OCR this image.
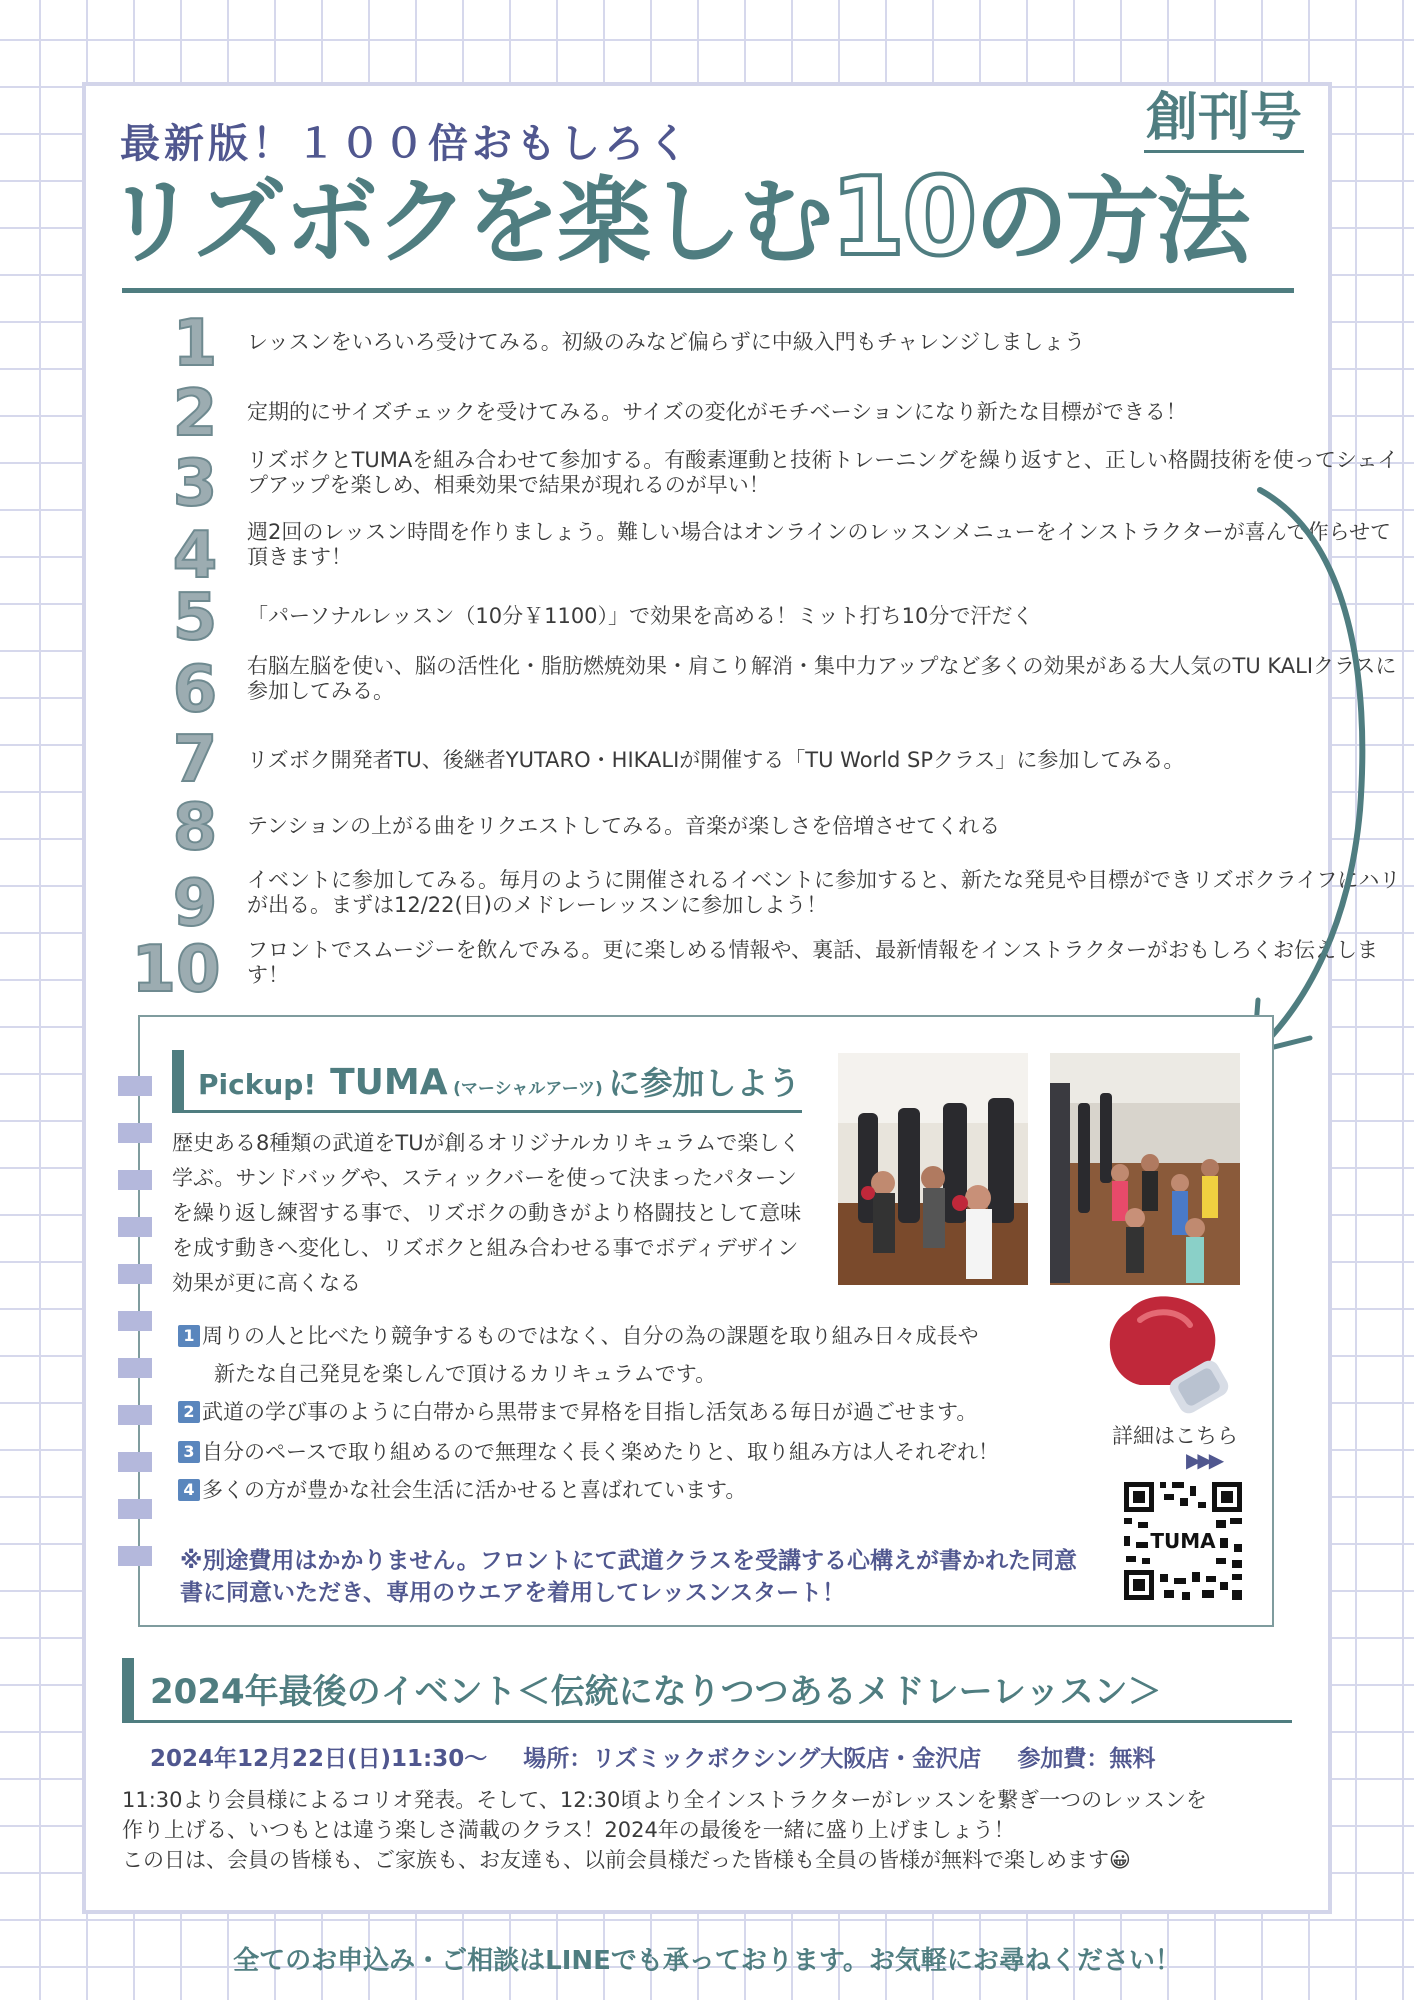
最新版！１００倍おもしろく	創刊号
リズボクを楽しむ10の方法
1	レッスンをいろいろ受けてみる。初級のみなど偏らずに中級入門もチャレンジしましょう
2	定期的にサイズチェックを受けてみる。サイズの変化がモチベーションになり新たな目標ができる！
3	リズボクとTUMAを組み合わせて参加する。有酸素運動と技術トレーニングを繰り返すと、正しい格闘技術を使ってシェイプアップを楽しめ、相乗効果で結果が現れるのが早い！
4	週2回のレッスン時間を作りましょう。難しい場合はオンラインのレッスンメニューをインストラクターが喜んで作らせて頂きます！
5	「パーソナルレッスン（10分￥1100）」で効果を高める！ミット打ち10分で汗だく
6	右脳左脳を使い、脳の活性化・脂肪燃焼効果・肩こり解消・集中力アップなど多くの効果がある大人気のTU KALIクラスに参加してみる。
7	リズボク開発者TU、後継者YUTARO・HIKALIが開催する「TU World SPクラス」に参加してみる。
8	テンションの上がる曲をリクエストしてみる。音楽が楽しさを倍増させてくれる
9	イベントに参加してみる。毎月のように開催されるイベントに参加すると、新たな発見や目標ができリズボクライフにハリが出る。まずは12/22(日)のメドレーレッスンに参加しよう！
10	フロントでスムージーを飲んでみる。更に楽しめる情報や、裏話、最新情報をインストラクターがおもしろくお伝えします！
Pickup! TUMA (マーシャルアーツ) に参加しよう
歴史ある8種類の武道をTUが創るオリジナルカリキュラムで楽しく学ぶ。サンドバッグや、スティックバーを使って決まったパターンを繰り返し練習する事で、リズボクの動きがより格闘技として意味を成す動きへ変化し、リズボクと組み合わせる事でボディデザイン効果が更に高くなる
1 周りの人と比べたり競争するものではなく、自分の為の課題を取り組み日々成長や
新たな自己発見を楽しんで頂けるカリキュラムです。
2 武道の学び事のように白帯から黒帯まで昇格を目指し活気ある毎日が過ごせます。
3 自分のペースで取り組めるので無理なく長く楽めたりと、取り組み方は人それぞれ！
4 多くの方が豊かな社会生活に活かせると喜ばれています。
※別途費用はかかりません。フロントにて武道クラスを受講する心構えが書かれた同意書に同意いただき、専用のウエアを着用してレッスンスタート！
詳細はこちら
▶▶▶
TUMA
2024年最後のイベント＜伝統になりつつあるメドレーレッスン＞
2024年12月22日(日)11:30〜 場所：リズミックボクシング大阪店・金沢店 参加費：無料
11:30より会員様によるコリオ発表。そして、12:30頃より全インストラクターがレッスンを繋ぎ一つのレッスンを
作り上げる、いつもとは違う楽しさ満載のクラス！2024年の最後を一緒に盛り上げましょう！
この日は、会員の皆様も、ご家族も、お友達も、以前会員様だった皆様も全員の皆様が無料で楽しめます😀
全てのお申込み・ご相談はLINEでも承っております。お気軽にお尋ねください！
